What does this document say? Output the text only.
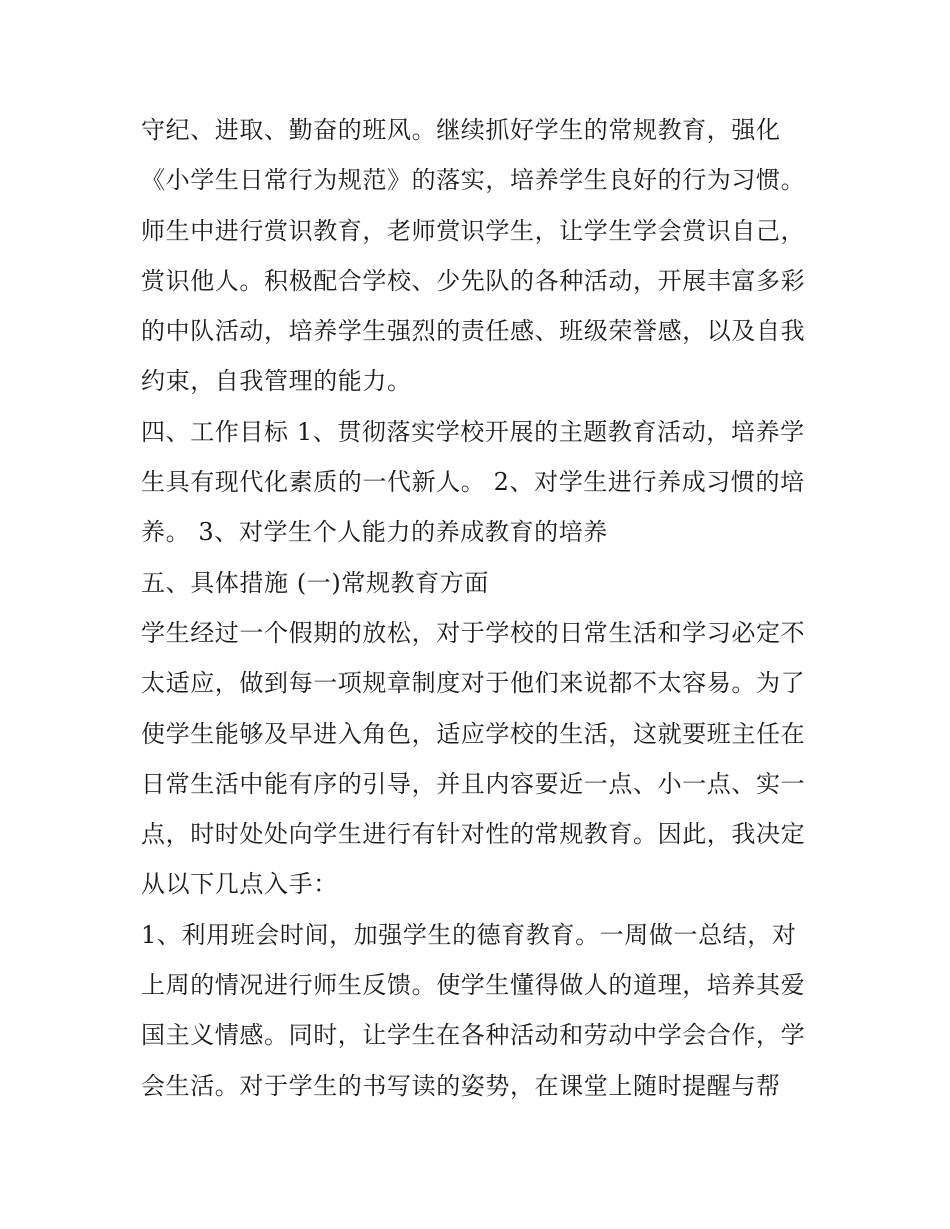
守纪、进取、勤奋的班风。继续抓好学生的常规教育，强化
《小学生日常行为规范》的落实，培养学生良好的行为习惯。
师生中进行赏识教育，老师赏识学生，让学生学会赏识自己，
赏识他人。积极配合学校、少先队的各种活动，开展丰富多彩
的中队活动，培养学生强烈的责任感、班级荣誉感，以及自我
约束，自我管理的能力。
四、工作目标 1、贯彻落实学校开展的主题教育活动，培养学
生具有现代化素质的一代新人。 2、对学生进行养成习惯的培
养。 3、对学生个人能力的养成教育的培养
五、具体措施 (一)常规教育方面
学生经过一个假期的放松，对于学校的日常生活和学习必定不
太适应，做到每一项规章制度对于他们来说都不太容易。为了
使学生能够及早进入角色，适应学校的生活，这就要班主任在
日常生活中能有序的引导，并且内容要近一点、小一点、实一
点，时时处处向学生进行有针对性的常规教育。因此，我决定
从以下几点入手：
1、利用班会时间，加强学生的德育教育。一周做一总结，对
上周的情况进行师生反馈。使学生懂得做人的道理，培养其爱
国主义情感。同时，让学生在各种活动和劳动中学会合作，学
会生活。对于学生的书写读的姿势，在课堂上随时提醒与帮
